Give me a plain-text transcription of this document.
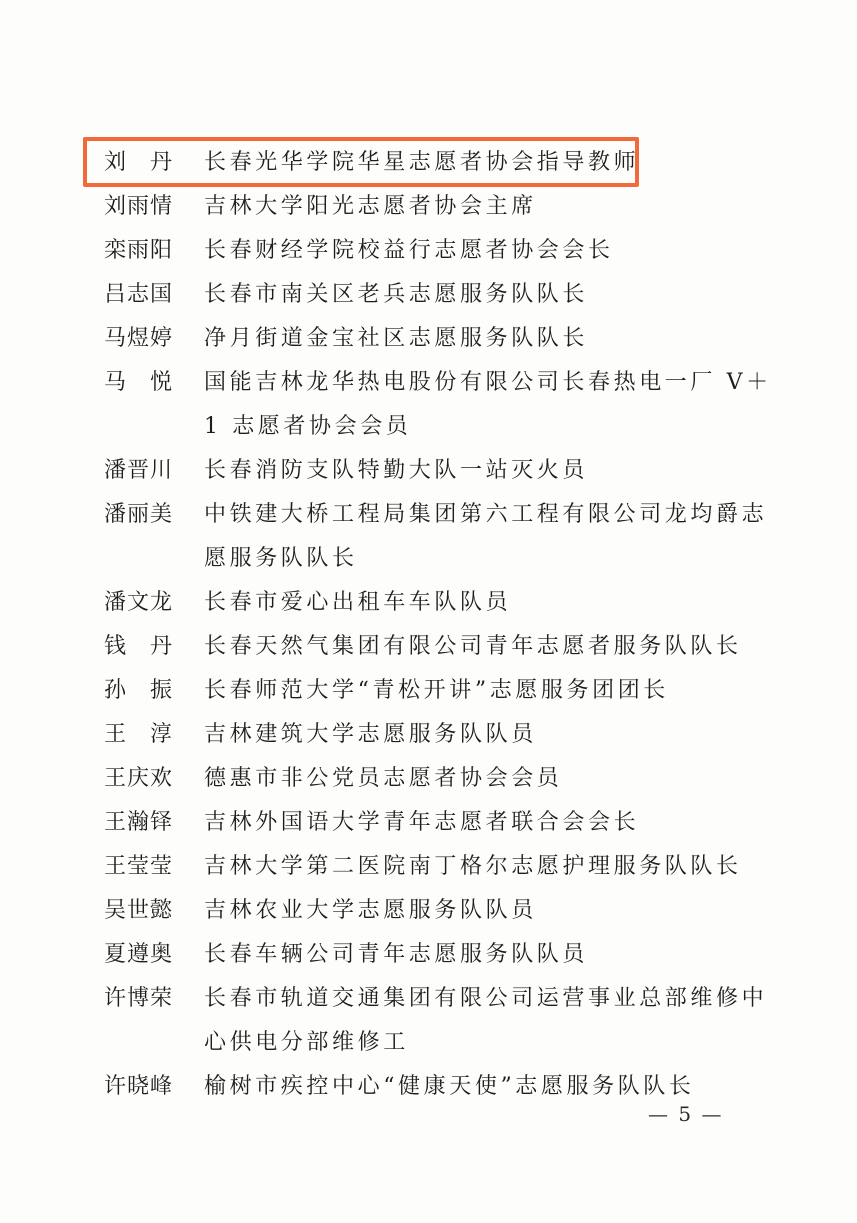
刘　丹	长春光华学院华星志愿者协会指导教师
刘雨情	吉林大学阳光志愿者协会主席
栾雨阳	长春财经学院校益行志愿者协会会长
吕志国	长春市南关区老兵志愿服务队队长
马煜婷	净月街道金宝社区志愿服务队队长
马　悦	国能吉林龙华热电股份有限公司长春热电一厂 V＋
1 志愿者协会会员
潘晋川	长春消防支队特勤大队一站灭火员
潘丽美	中铁建大桥工程局集团第六工程有限公司龙均爵志
愿服务队队长
潘文龙	长春市爱心出租车车队队员
钱　丹	长春天然气集团有限公司青年志愿者服务队队长
孙　振	长春师范大学“青松开讲”志愿服务团团长
王　淳	吉林建筑大学志愿服务队队员
王庆欢	德惠市非公党员志愿者协会会员
王瀚铎	吉林外国语大学青年志愿者联合会会长
王莹莹	吉林大学第二医院南丁格尔志愿护理服务队队长
吴世懿	吉林农业大学志愿服务队队员
夏遵奥	长春车辆公司青年志愿服务队队员
许博荣	长春市轨道交通集团有限公司运营事业总部维修中
心供电分部维修工
许晓峰	榆树市疾控中心“健康天使”志愿服务队队长
— 5 —
